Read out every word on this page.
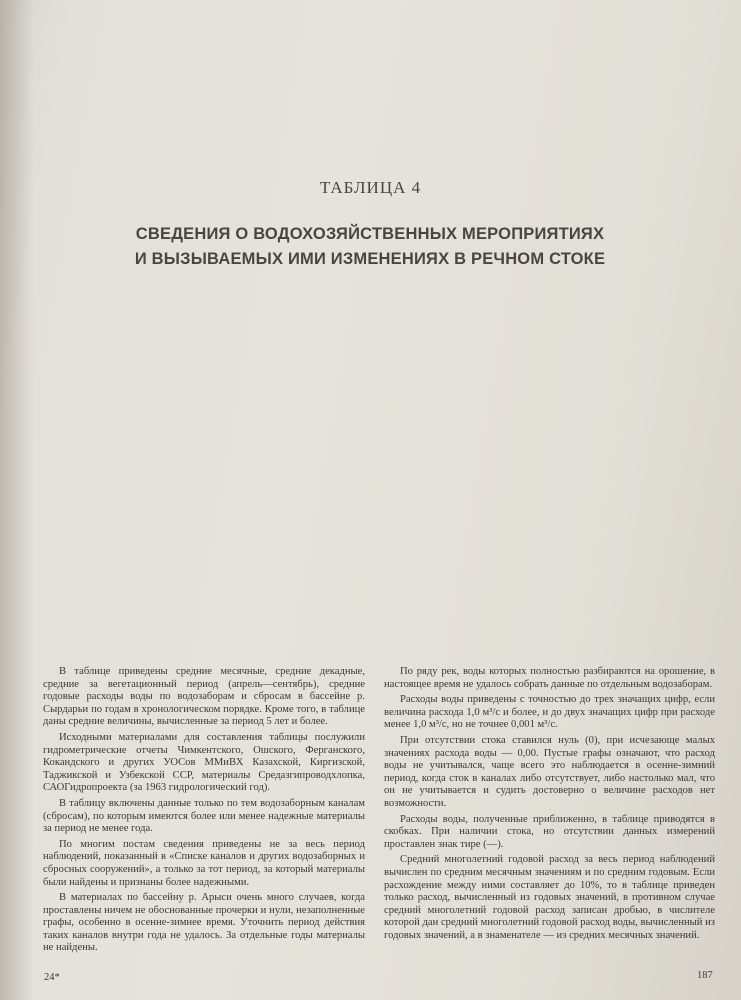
ТАБЛИЦА 4
СВЕДЕНИЯ О ВОДОХОЗЯЙСТВЕННЫХ МЕРОПРИЯТИЯХ
И ВЫЗЫВАЕМЫХ ИМИ ИЗМЕНЕНИЯХ В РЕЧНОМ СТОКЕ

В таблице приведены средние месячные, средние декадные, средние за вегетационный период (апрель—сентябрь), средние годовые расходы воды по водозаборам и сбросам в бассейне р. Сырдарьи по годам в хронологическом порядке. Кроме того, в таблице даны средние величины, вычисленные за период 5 лет и более.

Исходными материалами для составления таблицы послужили гидрометрические отчеты Чимкентского, Ошского, Ферганского, Кокандского и других УОСов ММиВХ Казахской, Киргизской, Таджикской и Узбекской ССР, материалы Средазгипроводхлопка, САОГидропроекта (за 1963 гидрологический год).

В таблицу включены данные только по тем водозаборным каналам (сбросам), по которым имеются более или менее надежные материалы за период не менее года.

По многим постам сведения приведены не за весь период наблюдений, показанный в «Списке каналов и других водозаборных и сбросных сооружений», а только за тот период, за который материалы были найдены и признаны более надежными.

В материалах по бассейну р. Арыси очень много случаев, когда проставлены ничем не обоснованные прочерки и нули, незаполненные графы, особенно в осенне-зимнее время. Уточнить период действия таких каналов внутри года не удалось. За отдельные годы материалы не найдены.

По ряду рек, воды которых полностью разбираются на орошение, в настоящее время не удалось собрать данные по отдельным водозаборам.

Расходы воды приведены с точностью до трех значащих цифр, если величина расхода 1,0 м³/с и более, и до двух значащих цифр при расходе менее 1,0 м³/с, но не точнее 0,001 м³/с.

При отсутствии стока ставился нуль (0), при исчезающе малых значениях расхода воды — 0,00. Пустые графы означают, что расход воды не учитывался, чаще всего это наблюдается в осенне-зимний период, когда сток в каналах либо отсутствует, либо настолько мал, что он не учитывается и судить достоверно о величине расходов нет возможности.

Расходы воды, полученные приближенно, в таблице приводятся в скобках. При наличии стока, но отсутствии данных измерений проставлен знак тире (—).

Средний многолетний годовой расход за весь период наблюдений вычислен по средним месячным значениям и по средним годовым. Если расхождение между ними составляет до 10%, то в таблице приведен только расход, вычисленный из годовых значений, в противном случае средний многолетний годовой расход записан дробью, в числителе которой дан средний многолетний годовой расход воды, вычисленный из годовых значений, а в знаменателе — из средних месячных значений.

24*	187
